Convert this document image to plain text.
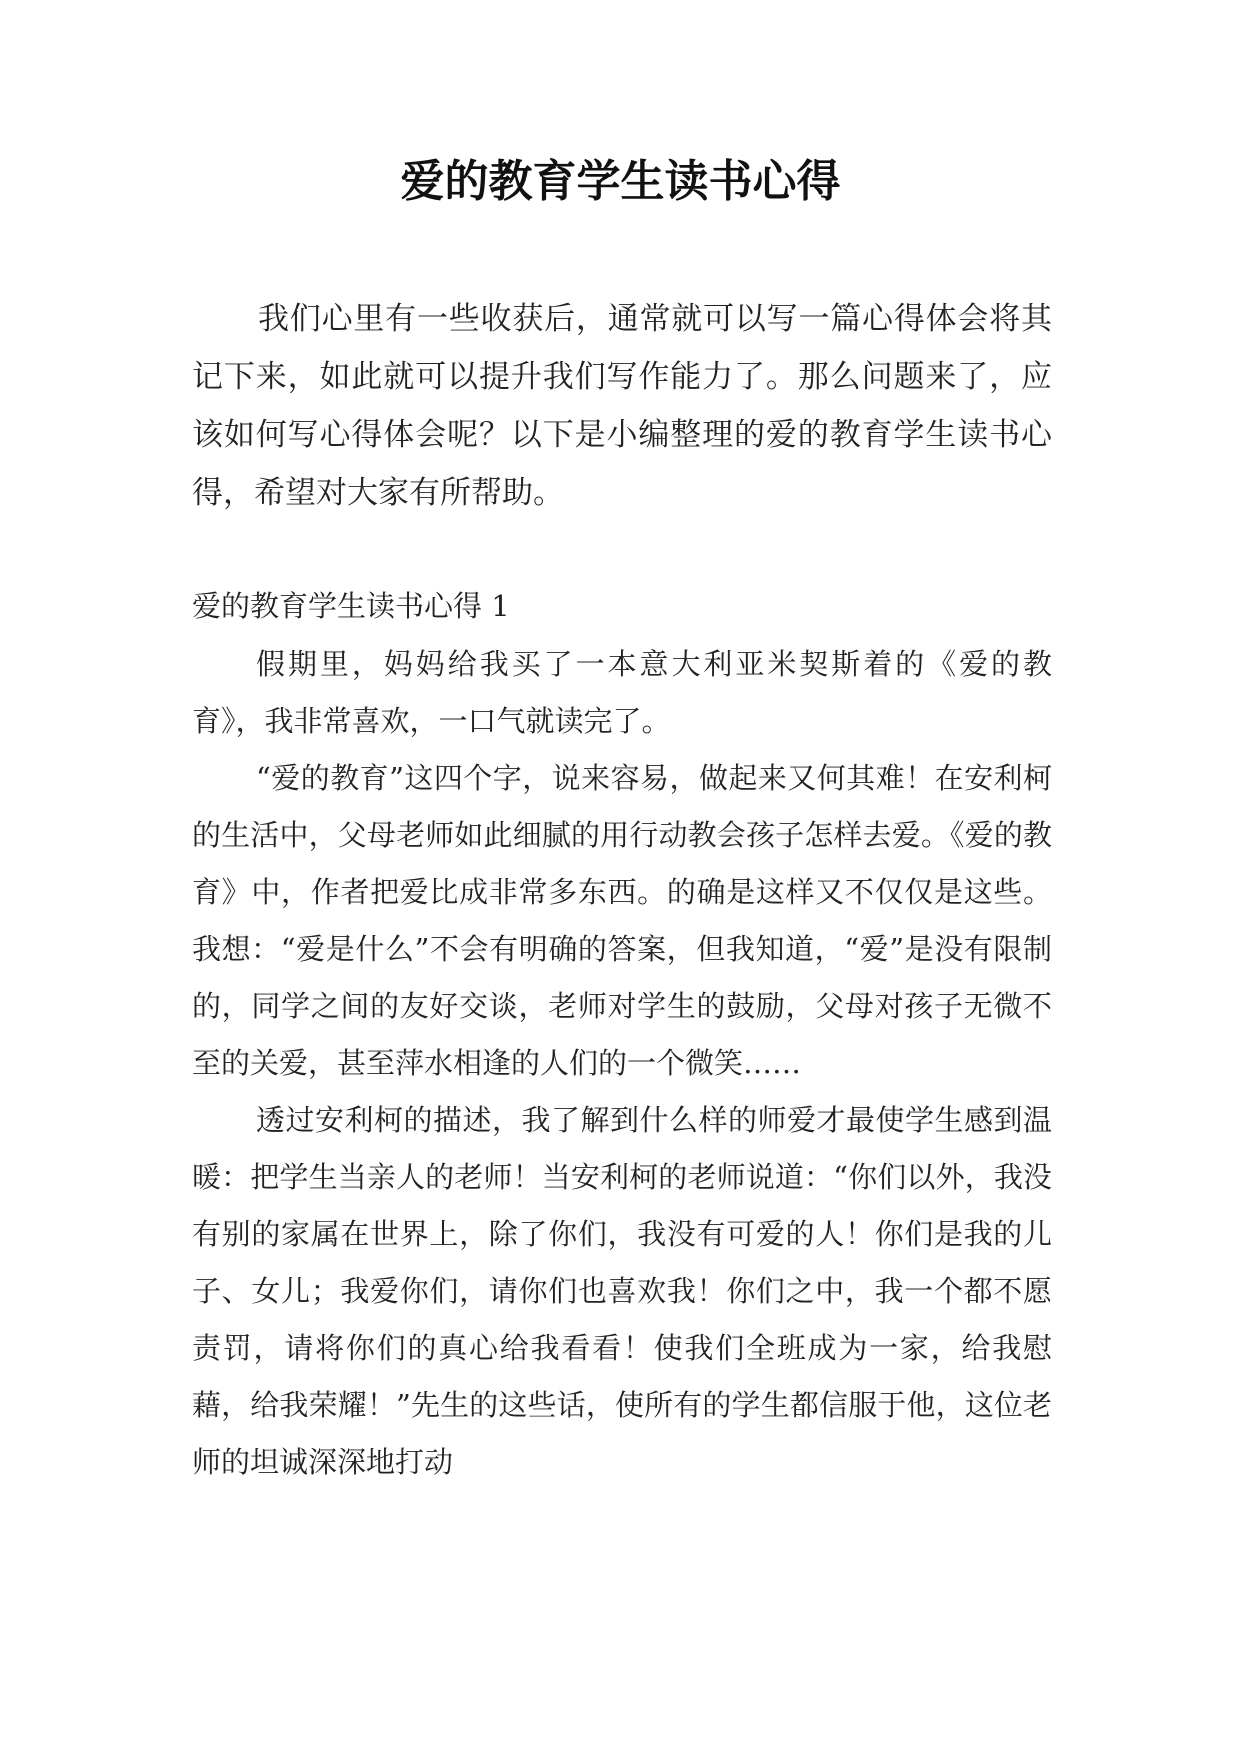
爱的教育学生读书心得

我们心里有一些收获后，通常就可以写一篇心得体会将其记下来，如此就可以提升我们写作能力了。那么问题来了，应该如何写心得体会呢？以下是小编整理的爱的教育学生读书心得，希望对大家有所帮助。

爱的教育学生读书心得 1

假期里，妈妈给我买了一本意大利亚米契斯着的《爱的教育》，我非常喜欢，一口气就读完了。

“爱的教育”这四个字，说来容易，做起来又何其难！在安利柯的生活中，父母老师如此细腻的用行动教会孩子怎样去爱。《爱的教育》中，作者把爱比成非常多东西。的确是这样又不仅仅是这些。我想：“爱是什么”不会有明确的答案，但我知道，“爱”是没有限制的，同学之间的友好交谈，老师对学生的鼓励，父母对孩子无微不至的关爱，甚至萍水相逢的人们的一个微笑……

透过安利柯的描述，我了解到什么样的师爱才最使学生感到温暖：把学生当亲人的老师！当安利柯的老师说道：“你们以外，我没有别的家属在世界上，除了你们，我没有可爱的人！你们是我的儿子、女儿；我爱你们，请你们也喜欢我！你们之中，我一个都不愿责罚，请将你们的真心给我看看！使我们全班成为一家，给我慰藉，给我荣耀！”先生的这些话，使所有的学生都信服于他，这位老师的坦诚深深地打动
